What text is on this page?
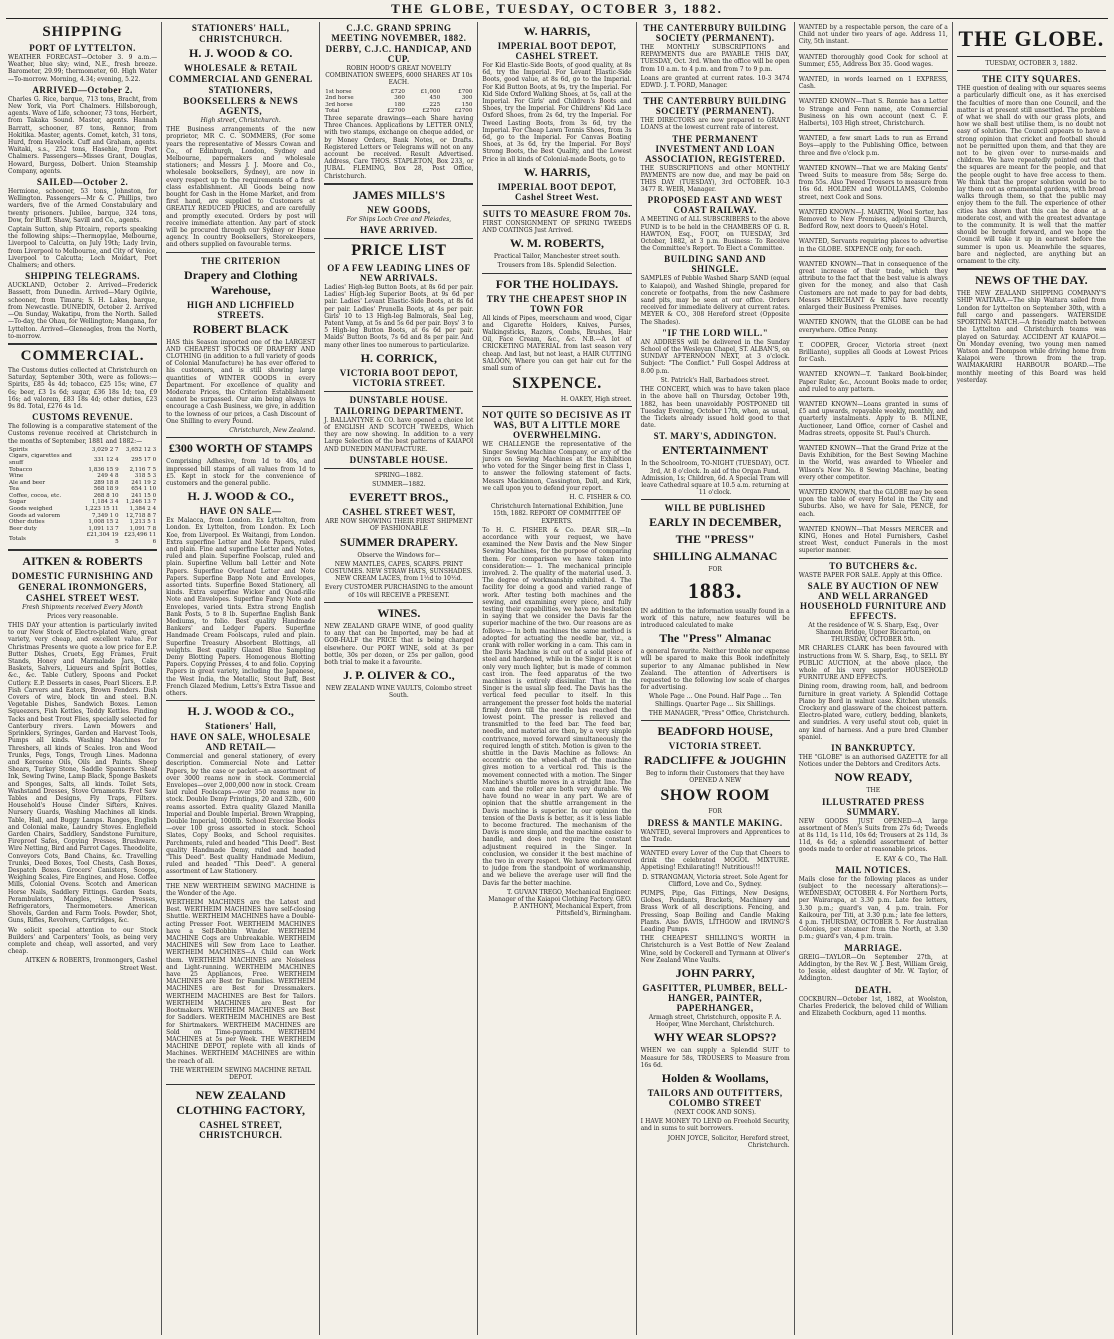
THE GLOBE, TUESDAY, OCTOBER 3, 1882.
SHIPPING
PORT OF LYTTELTON.

WEATHER FORECAST—October 3. 9 a.m.—Weather, blue sky; wind, N.E., fresh breeze. Barometer, 29.99; thermometer, 60. High Water—To-morrow. Morning, 4.34; evening, 5.22.

ARRIVED—October 2.

Charles G. Rice, barque, 713 tons, Bracht, from New York, via Port Chalmers. Hillsborough, agents. Wave of Life, schooner, 73 tons, Herbert, from Takaka Sound. Master, agents. Hannah Barratt, schooner, 87 tons, Rennor, from Hokitika. Master, agents. Comet, ketch, 31 tons, Hurd, from Havelock. Cuff and Graham, agents. Waitaki, s.s., 252 tons, Hasehie, from Port Chalmers. Passengers—Misses Grant, Douglas, Howard, Burgess, Dolbert. Union Steamship Company, agents.

SAILED—October 2.

Hermione, schooner, 53 tons, Johnston, for Wellington. Passengers—Mr & C. Phillips, two warders, five of the Armed Constabulary and twenty prisoners. Jubilee, barque, 324 tons, Dow, for Bluff. Shaw, Savill and Co., agents.

Captain Sutton, ship Pitcairn, reports speaking the following ships:—Thermopylae, Melbourne, Liverpool to Calcutta, on July 19th; Lady Irvin, from Liverpool to Melbourne, and City of Venice, Liverpool to Calcutta; Loch Moidart, Port Chalmers; and others.

SHIPPING TELEGRAMS.

AUCKLAND, October 2. Arrived—Frederick Bassett, from Dunedin. Arrived—Mary Ogilvie, schooner, from Timaru; S. H. Lakes, barque, from Newcastle. DUNEDIN, October 2. Arrived—On Sunday, Wakatipu, from the North. Sailed—To-day, the Ohau, for Wellington; Mangana, for Lyttelton. Arrived—Gleneagles, from the North, to-morrow.

COMMERCIAL.

The Customs duties collected at Christchurch on Saturday, September 30th, were as follows:—Spirits, £85 4s 4d; tobacco, £25 15s; wine, £7 6s; beer, £3 1s 6d; sugar, £36 18s 1d; tea, £9 16s; ad valorem, £83 18s 4d; other duties, £23 9s 8d. Total, £276 4s 1d.

CUSTOMS REVENUE.

The following is a comparative statement of the Customs revenue received at Christchurch in the months of September, 1881 and 1882:—

Spirits	3,029 2 7	3,652 12 3
Cigars, cigarettes and snuff	331 12 4	295 17 0
Tobacco	1,836 15 9	2,116 7 5
Wine	249 4 8	318 5 3
Ale and beer	289 18 8	241 19 2
Tea	568 18 9	654 1 10
Coffee, cocoa, etc.	268 8 10	241 15 0
Sugar	1,184 3 4	1,246 13 7
Goods weighed	1,223 15 11	1,384 2 4
Goods ad valorem	7,349 1 0	12,718 8 7
Other duties	1,008 15 2	1,213 5 1
Beer duty	1,091 13 7	1,091 7 8
Totals	£21,304 19 5	£23,496 11 6
AITKEN & ROBERTS
DOMESTIC FURNISHING AND
GENERAL IRONMONGERS,
CASHEL STREET WEST.
Fresh Shipments received Every Month
Prices very reasonable.

THIS DAY your attention is particularly invited to our New Stock of Electro-plated Ware, great variety, very cheap, and excellent value. For Christmas Presents we quote a low price for E.P. Butter Dishes, Cruets, Egg Frames, Fruit Stands, Honey and Marmalade Jars, Cake Baskets, Salvers, Liqueurs and Spirit Bottles, &c., &c. Table Cutlery, Spoons and Pocket Cutlery. E.P. Desserts in cases, Pearl Slicers. E.P. Fish Carvers and Eaters, Brown Fenders. Dish Covers of wire, block tin and steel. B.N. Vegetable Dishes, Sandwich Boxes. Lemon Squeezers, Fish Kettles, Teddy Kettles. Finding Tacks and best Trout Flies, specially selected for Canterbury rivers. Lawn Mowers and Sprinklers, Syringes, Garden and Harvest Tools, Pumps all kinds. Washing Machines for Threshers, all kinds of Scales. Iron and Wood Trunks, Pegs, Tongs, Trough Lines. Madonna and Kerosene Oils, Oils and Paints. Sheep Shears, Turkey Stone, Saddle Spanners. Sheaf Ink, Sewing Twine, Lamp Black, Sponge Baskets and Sponges, Salts, all kinds. Toilet Sets, Washstand Dresses, Stove Ornaments. Fret Saw Tables and Designs, Fly Traps, Filters. Household's House Cinder Sifters, Knives. Nursery Guards, Washing Machines all kinds. Table, Hall, and Buggy Lamps. Ranges, English and Colonial make, Laundry Stoves. Englefield Garden Chairs, Saddlery, Sandstone Furniture, Fireproof Safes, Copying Presses, Brushware. Wire Netting, Bird and Parrot Cages. Theodolite, Conveyors Cots, Band Chains, &c. Travelling Trunks, Deed Boxes, Tool Chests, Cash Boxes, Despatch Boxes. Grocers' Canisters, Scoops, Weighing Scales, Fire Engines, and Hose. Coffee Mills, Colonial Ovens. Scotch and American Horse Nails, Saddlery Fittings. Garden Seats, Perambulators, Mangles, Cheese Presses, Refrigerators, Thermometers. American Shovels, Garden and Farm Tools. Powder, Shot, Guns, Rifles, Revolvers, Cartridges, &c.

We solicit special attention to our Stock Builders' and Carpenters' Tools, as being very complete and cheap, well assorted, and very cheap.

AITKEN & ROBERTS, Ironmongers, Cashel Street West.

STATIONERS' HALL,
CHRISTCHURCH.
H. J. WOOD & CO.
WHOLESALE & RETAIL
COMMERCIAL AND GENERAL
STATIONERS,
BOOKSELLERS & NEWS AGENTS,
High street, Christchurch.

THE Business arrangements of the new proprietor, MR C. C. SOMMERS, (For some years the representative of Messrs Cowan and Co., of Edinburgh, London, Sydney and Melbourne, papermakers and wholesale stationers; and Messrs J. J. Moore and Co., wholesale booksellers, Sydney), are now in every respect up to the requirements of a first-class establishment. All Goods being now bought for Cash in the Home Market, and from first hand, are supplied to Customers at GREATLY REDUCED PRICES, and are carefully and promptly executed. Orders by post will receive immediate attention. Any part of stock will be procured through our Sydney or Home agency. In country Booksellers, Storekeepers, and others supplied on favourable terms.

THE CRITERION
Drapery and Clothing Warehouse,
HIGH AND LICHFIELD STREETS.
ROBERT BLACK

HAS this Season imported one of the LARGEST AND CHEAPEST STOCKS OF DRAPERY AND CLOTHING (in addition to a full variety of goods of Colonial Manufacture) he has ever offered to his customers, and is still showing large quantities of WINTER GOODS in every Department. For excellence of quality and Moderate Prices, the Criterion Establishment cannot be surpassed. Our aim being always to encourage a Cash Business, we give, in addition to the lowness of our prices, a Cash Discount of One Shilling to every Pound.

Christchurch, New Zealand.

£300 WORTH OF STAMPS

Comprising Adhesive, from 1d to 40s, and impressed bill stamps of all values from 1d to £5. Kept in stock for the convenience of customers and the general public.

H. J. WOOD & CO.,
HAVE ON SALE—

Ex Malacca, from London. Ex Lyttelton, from London. Ex Lyttelton, from London. Ex Loch Koe, from Liverpool. Ex Waitangi, from London. Extra superfine Letter and Note Papers, ruled and plain. Fine and superfine Letter and Notes, ruled and plain. Superfine Foolscap, ruled and plain. Superfine Vellum ball Letter and Note Papers. Superfine Overland Letter and Note Papers. Superfine Bapp Note and Envelopes, assorted tints. Superfine Boxed Stationery, all kinds. Extra superfine Wicker and Quad-rille Note and Envelopes. Superfine Fancy Note and Envelopes, varied tints. Extra strong English Bank Posts, 5 to 8 lb. Superfine English Bank Mediums, to folio. Best quality Handmade Bankers' and Ledger Papers. Superfine Handmade Cream Foolscaps, ruled and plain. Superfine Treasury Absorbent Blottings, all weights. Best quality Glazed Blue Sampling Demy Blotting Papers. Homogenous Blotting Papers. Copying Presses, 4 to and folio. Copying Papers in great variety, including the Japanese, the West India, the Metallic, Stout Buff, Best French Glazed Medium, Letts's Extra Tissue and others.

H. J. WOOD & CO.,
Stationers' Hall,
HAVE ON SALE, WHOLESALE AND RETAIL—

Commercial and general stationery, of every description. Commercial Note and Letter Papers, by the case or packet—an assortment of over 3000 reams now in stock. Commercial Envelopes—over 2,000,000 now in stock. Cream laid ruled Foolscaps—over 350 reams now in stock. Double Demy Printings, 20 and 32lb., 600 reams assorted. Extra quality Glazed Manilla Imperial and Double Imperial. Brown Wrapping, Double Imperial, 1000lb. School Exercise Books—over 100 gross assorted in stock. School Slates, Copy Books, and School requisites. Parchments, ruled and headed "This Deed". Best quality Handmade Demy, ruled and headed "This Deed". Best quality Handmade Medium, ruled and headed "This Deed". A general assortment of Law Stationery.

THE NEW WERTHEIM SEWING MACHINE is the Wonder of the Age.

WERTHEIM MACHINES are the Latest and Best. WERTHEIM MACHINES have self-closing Shuttle. WERTHEIM MACHINES have a Double-acting Presser Foot. WERTHEIM MACHINES have a Self-Bobbin Winder. WERTHEIM MACHINE Cogs are Unbreakable. WERTHEIM MACHINES will Sew from Lace to Leather. WERTHEIM MACHINES—A Child can Work them. WERTHEIM MACHINES are Noiseless and Light-running. WERTHEIM MACHINES have 25 Appliances, Free. WERTHEIM MACHINES are Best for Families. WERTHEIM MACHINES are Best for Dressmakers. WERTHEIM MACHINES are Best for Tailors. WERTHEIM MACHINES are Best for Bootmakers. WERTHEIM MACHINES are Best for Saddlers. WERTHEIM MACHINES are Best for Shirtmakers. WERTHEIM MACHINES are Sold on Time-payments. WERTHEIM MACHINES at 5s per Week. THE WERTHEIM MACHINE DEPOT, replete with all kinds of Machines. WERTHEIM MACHINES are within the reach of all.

THE WERTHEIM SEWING MACHINE RETAIL DEPOT.

NEW ZEALAND CLOTHING FACTORY,
CASHEL STREET, CHRISTCHURCH.
C.J.C. GRAND SPRING MEETING NOVEMBER, 1882.
DERBY, C.J.C. HANDICAP, AND CUP.

ROBIN HOOD'S GREAT NOVELTY COMBINATION SWEEPS, 6000 SHARES AT 10s EACH.

1st horse	£720	£1,000	£700
2nd horse	360	450	300
3rd horse	180	225	150
Total	£2700	£2700	£2700

Three separate drawings—each Share having Three Chances. Applications by LETTER ONLY, with two stamps, exchange on cheque added, or by Money Orders, Bank Notes, or Drafts. Registered Letters or Telegrams will not on any account be received. Result Advertised. Address, Care THOS. STAPLETON, Box 233, or JUBAL FLEMING, Box 28, Post Office, Christchurch.

JAMES MILLS'S
NEW GOODS,
For Ships Loch Cree and Pleiades,
HAVE ARRIVED.
PRICE LIST
OF A FEW LEADING LINES OF NEW ARRIVALS.

Ladies' High-leg Button Boots, at 8s 6d per pair. Ladies' High-leg Superior Boots, at 9s 6d per pair. Ladies' Levant Elastic-Side Boots, at 8s 6d per pair. Ladies' Prunella Boots, at 4s per pair. Girls' 10 to 13 High-leg Balmorals, Seal Leg, Patent Vamp, at 5s and 5s 6d per pair. Boys' 3 to 5 High-leg Button Boots, at 6s 6d per pair. Maids' Button Boots, 7s 6d and 8s per pair. And many other lines too numerous to particularize.

H. CORRICK,
VICTORIA BOOT DEPOT, VICTORIA STREET.
DUNSTABLE HOUSE.
TAILORING DEPARTMENT.

J. BALLANTYNE & CO. have opened a choice lot of ENGLISH AND SCOTCH TWEEDS, Which they are now showing. In addition to a very Large Selection of the best patterns of KAIAPOI AND DUNEDIN MANUFACTURE.

DUNSTABLE HOUSE.
SPRING—1882.
SUMMER—1882.
EVERETT BROS.,
CASHEL STREET WEST,

ARE NOW SHOWING THEIR FIRST SHIPMENT OF FASHIONABLE

SUMMER DRAPERY.

Observe the Windows for—

NEW MANTLES, CAPES, SCARFS. PRINT COSTUMES. NEW STRAW HATS, SUNSHADES. NEW CREAM LACES, from 1½d to 10½d.

Every CUSTOMER PURCHASING to the amount of 10s will RECEIVE a PRESENT.

WINES.

NEW ZEALAND GRAPE WINE, of good quality to any that can be Imported, may be had at GOB-HALF the PRICE that is being charged elsewhere. Our PORT WINE, sold at 3s per bottle, 30s per dozen, or 25s per gallon, good both trial to make it a favourite.

J. P. OLIVER & CO.,
NEW ZEALAND WINE VAULTS, Colombo street South.
W. HARRIS,
IMPERIAL BOOT DEPOT, CASHEL STREET.

For Kid Elastic-Side Boots, of good quality, at 8s 6d, try the Imperial. For Levant Elastic-Side Boots, good value, at 8s 6d, go to the Imperial. For Kid Button Boots, at 9s, try the Imperial. For Kid Side Oxford Walking Shoes, at 5s, call at the Imperial. For Girls' and Children's Boots and Shoes, try the Imperial. For Childrens' Kid Lace Oxford Shoes, from 2s 6d, try the Imperial. For Tweed Lasting Boots, from 3s 6d, try the Imperial. For Cheap Lawn Tennis Shoes, from 3s 6d, go to the Imperial. For Canvas Boating Shoes, at 3s 6d, try the Imperial. For Boys' Strong Boots, the Best Quality, and the Lowest Price in all kinds of Colonial-made Boots, go to

W. HARRIS,
IMPERIAL BOOT DEPOT, Cashel Street West.
SUITS TO MEASURE FROM 70s.

FIRST CONSIGNMENT OF SPRING TWEEDS AND COATINGS Just Arrived.

W. M. ROBERTS,
Practical Tailor, Manchester street south.
Trousers from 18s. Splendid Selection.
FOR THE HOLIDAYS.
TRY THE CHEAPEST SHOP IN TOWN FOR

All kinds of Pipes, meerschaum and wood, Cigar and Cigarette Holders, Knives, Purses, Walkingsticks, Razors, Combs, Brushes, Hair Oil, Face Cream, &c., &c. N.B.—A lot of CRICKETING MATERIAL from last season very cheap. And last, but not least, a HAIR CUTTING SALOON, Where you can get hair cut for the small sum of

SIXPENCE.
H. OAKEY, High street.
NOT QUITE SO DECISIVE AS IT WAS, BUT A LITTLE MORE OVERWHELMING.

WE CHALLENGE the representative of the Singer Sewing Machine Company, or any of the jurors on Sewing Machines at the Exhibition who voted for the Singer being first in Class 1, to answer the following statement of facts. Messrs Mackinnon, Cassington, Dall, and Kirk, we call upon you to defend your report.

H. C. FISHER & CO.

Christchurch International Exhibition, June 15th, 1882. REPORT OF COMMITTEE OF EXPERTS.

To H. C. FISHER & Co. DEAR SIR,—In accordance with your request, we have examined the New Davis and the New Singer Sewing Machines, for the purpose of comparing them. For comparison we have taken into consideration:— 1. The mechanical principle involved. 2. The quality of the material used. 3. The degree of workmanship exhibited. 4. The facility for doing a good and varied range of work. After testing both machines and the sewing, and examining every piece, and fully testing their capabilities, we have no hesitation in saying that we consider the Davis far the superior machine of the two. Our reasons are as follows:— In both machines the same method is adopted for actuating the needle bar, viz., a crank with roller working in a cam. This cam in the Davis Machine is cut out of a solid piece of steel and hardened, while in the Singer it is not only very much lighter, but is made of common cast iron. The feed apparatus of the two machines is entirely dissimilar. That in the Singer is the usual slip feed. The Davis has the vertical feed peculiar to itself. In this arrangement the presser foot holds the material firmly down till the needle has reached the lowest point. The presser is relieved and transmitted to the feed bar. The feed bar, needle, and material are then, by a very simple contrivance, moved forward simultaneously the required length of stitch. Motion is given to the shuttle in the Davis Machine as follows: An eccentric on the wheel-shaft of the machine gives motion to a vertical rod. This is the movement connected with a motion. The Singer Machine's shuttle moves in a straight line. The cam and the roller are both very durable. We have found no wear in any part. We are of opinion that the shuttle arrangement in the Davis machine is superior. In our opinion the tension of the Davis is better, as it is less liable to become fractured. The mechanism of the Davis is more simple, and the machine easier to handle, and does not require the constant adjustment required in the Singer. In conclusion, we consider it the best machine of the two in every respect. We have endeavoured to judge from the standpoint of workmanship, and we believe the average user will find the Davis far the better machine.

T. GUVAN TREGO, Mechanical Engineer. Manager of the Kaiapoi Clothing Factory. GEO. P. ANTHONY, Mechanical Expert, from Pittsfield's, Birmingham.

THE CANTERBURY BUILDING SOCIETY (PERMANENT).

THE MONTHLY SUBSCRIPTIONS and REPAYMENTS due are PAYABLE THIS DAY, TUESDAY, Oct. 3rd. When the office will be open from 10 a.m. to 4 p.m. and from 7 to 9 p.m.

Loans are granted at current rates. 10-3 3474 EDWD. J. T. FORD, Manager.

THE CANTERBURY BUILDING SOCIETY (PERMANENT).

THE DIRECTORS are now prepared to GRANT LOANS at the lowest current rate of interest.

THE PERMANENT INVESTMENT AND LOAN ASSOCIATION, REGISTERED.

THE SUBSCRIPTIONS and other MONTHLY PAYMENTS are now due, and may be paid on THIS DAY (TUESDAY), 3rd OCTOBER. 10-3 3477 R. WEIR, Manager.

PROPOSED EAST AND WEST COAST RAILWAY.

A MEETING of ALL SUBSCRIBERS to the above FUND is to be held in the CHAMBERS OF G. R. HAWTON, Esq., FOOT, on TUESDAY, 3rd October, 1882, at 3 p.m. Business: To Receive the Committee's Report. To Elect a Committee.

BUILDING SAND AND SHINGLE.

SAMPLES of Pebble Washed Sharp SAND (equal to Kaiapoi), and Washed Shingle, prepared for concrete or footpaths, from the new Cashmere sand pits, may be seen at our office. Orders received for immediate delivery at current rates. MEYER & CO., 308 Hereford street (Opposite The Shades).

"IF THE LORD WILL."

AN ADDRESS will be delivered in the Sunday School of the Wesleyan Chapel, ST. ALBAN'S, on SUNDAY AFTERNOON NEXT, at 3 o'clock. Subject: "The Conflict." Full Gospel Address at 8.00 p.m.

St. Patrick's Hall, Barbadoes street.

THE CONCERT, which was to have taken place in the above hall on Thursday, October 19th, 1882, has been unavoidably POSTPONED till Tuesday Evening, October 17th, when, as usual, the Tickets already issued hold good to that date.

ST. MARY'S, ADDINGTON.
ENTERTAINMENT

In the Schoolroom, TO-NIGHT (TUESDAY), OCT. 3rd, At 8 o'clock. In aid of the Organ Fund. Admission, 1s; Children, 6d. A Special Tram will leave Cathedral square at 10.5 a.m. returning at 11 o'clock.

WILL BE PUBLISHED
EARLY IN DECEMBER,
THE "PRESS"
SHILLING ALMANAC
FOR
1883.

IN addition to the information usually found in a work of this nature, new features will be introduced calculated to make

The "Press" Almanac

a general favourite. Neither trouble nor expense will be spared to make this Book indefinitely superior to any Almanac published in New Zealand. The attention of Advertisers is requested to the following low scale of charges for advertising.

Whole Page ... One Pound. Half Page ... Ten Shillings. Quarter Page ... Six Shillings.

THE MANAGER, "Press" Office, Christchurch.

BEADFORD HOUSE,
VICTORIA STREET.
RADCLIFFE & JOUGHIN

Beg to inform their Customers that they have OPENED A NEW

SHOW ROOM
FOR
DRESS & MANTLE MAKING.

WANTED, several Improvers and Apprentices to the Trade.

WANTED every Lover of the Cup that Cheers to drink the celebrated MOGOL MIXTURE. Appetising! Exhilarating!! Nutritious!!!

D. STRANGMAN, Victoria street. Sole Agent for Clifford, Love and Co., Sydney.

PUMPS, Pipe, Gas Fittings, New Designs, Globes, Pendants, Brackets, Machinery and Brass Work of all descriptions. Fencing, and Pressing, Soap Boiling and Candle Making Plants. Also DAVIS, LITHGOW and IRVING'S Leading Pumps.

THE CHEAPEST SHILLING'S WORTH in Christchurch is a Vest Bottle of New Zealand Wine, sold by Cockerell and Tyrmann at Oliver's New Zealand Wine Vaults.

JOHN PARRY,
GASFITTER, PLUMBER, BELL-HANGER, PAINTER, PAPERHANGER,

Armagh street, Christchurch, opposite F. A. Hooper, Wine Merchant, Christchurch.

WHY WEAR SLOPS??

WHEN we can supply a Splendid SUIT to Measure for 58s, TROUSERS to Measure from 16s 6d.

Holden & Woollams,
TAILORS AND OUTFITTERS, COLOMBO STREET
(NEXT COOK AND SONS).

I HAVE MONEY TO LEND on Freehold Security, and in sums to suit borrowers.

JOHN JOYCE, Solicitor, Hereford street, Christchurch.

WANTED by a respectable person, the care of a Child not under two years of age. Address 11, City, 5th instant.

WANTED thoroughly good Cook for school at Summer, £55, Address Box 35. Good wages.

WANTED, in words learned on 1 EXPRESS, Cash.

WANTED KNOWN—That S. Rennie has a Letter to Strange and Fenn name, ate Commercial Business on his own account (next C. F. Halberts), 103 High street, Christchurch.

WANTED, a few smart Lads to run as Errand Boys—apply to the Publishing Office, between three and five o'clock p.m.

WANTED KNOWN—That we are Making Gents' Tweed Suits to measure from 58s; Serge do. from 55s. Also Tweed Trousers to measure from 16s 6d. HOLDEN and WOOLLAMS, Colombo street, next Cook and Sons.

WANTED KNOWN—J. MARTIN, Wool Sorter, has Removed to New Premises, adjoining Church, Bedford Row, next doors to Queen's Hotel.

WANTED, Servants requiring places to advertise in the GLOBE. SIXPENCE only, for each.

WANTED KNOWN—That in consequence of the great increase of their trade, which they attribute to the fact that the best value is always given for the money, and also that Cash Customers are not made to pay for bad debts, Messrs MERCHANT & KING have recently enlarged their Business Premises.

WANTED KNOWN, that the GLOBE can be had everywhere. Office Penny.

T. COOPER, Grocer, Victoria street (next Brilliante), supplies all Goods at Lowest Prices for Cash.

WANTED KNOWN—T. Tankard Book-binder, Paper Ruler, &c., Account Books made to order, and ruled to any pattern.

WANTED KNOWN—Loans granted in sums of £5 and upwards, repayable weekly, monthly, and quarterly instalments. Apply to B. MILNE, Auctioneer, Land Office, corner of Cashel and Madras streets, opposite St. Paul's Church.

WANTED KNOWN—That the Grand Prize at the Davis Exhibition, for the Best Sewing Machine in the World, was awarded to Wheeler and Wilson's New No. 8 Sewing Machine, beating every other competitor.

WANTED KNOWN, that the GLOBE may be seen upon the table of every Hotel in the City and Suburbs. Also, we have for Sale, PENCE, for each.

WANTED KNOWN—That Messrs MERCER and KING, Hones and Hotel Furnishers, Cashel street West, conduct Funerals in the most superior manner.

TO BUTCHERS &c.

WASTE PAPER FOR SALE. Apply at this Office.

SALE BY AUCTION OF NEW AND WELL ARRANGED HOUSEHOLD FURNITURE AND EFFECTS.

At the residence of W. S. Sharp, Esq., Over Shannon Bridge, Upper Riccarton, on THURSDAY, OCTOBER 5th.

MR CHARLES CLARK has been favoured with instructions from W. S. Sharp, Esq., to SELL BY PUBLIC AUCTION, at the above place, the whole of his very superior HOUSEHOLD FURNITURE AND EFFECTS.

Dining room, drawing room, hall, and bedroom furniture in great variety. A Splendid Cottage Piano by Bord in walnut case. Kitchen utensils. Crockery and glassware of the choicest pattern. Electro-plated ware, cutlery, bedding, blankets, and sundries. A very useful stout cob, quiet in any kind of harness. And a pure bred Clumber spaniel.

IN BANKRUPTCY.

THE "GLOBE" is an authorised GAZETTE for all Notices under the Debtors and Creditors Acts.

NOW READY,
THE
ILLUSTRATED PRESS SUMMARY.

NEW GOODS JUST OPENED—A large assortment of Men's Suits from 27s 6d; Tweeds at 8s 11d, 1s 11d, 10s 6d; Trousers at 2s 11d, 3s 11d, 4s 6d; a splendid assortment of better goods made to order at reasonable prices.

E. KAY & CO., The Hall.

MAIL NOTICES.

Mails close for the following places as under (subject to the necessary alterations):— WEDNESDAY, OCTOBER 4. For Northern Ports, per Wairarapa, at 3.30 p.m. Late fee letters, 3.30 p.m.; guard's van, 4 p.m. train. For Kaikoura, per Titi, at 3.30 p.m.; late fee letters, 4 p.m. THURSDAY, OCTOBER 5. For Australian Colonies, per steamer from the North, at 3.30 p.m.; guard's van, 4 p.m. train.

MARRIAGE.

GREIG—TAYLOR—On September 27th, at Addington, by the Rev. W. J. Best, William Greig, to Jessie, eldest daughter of Mr. W. Taylor, of Addington.

DEATH.

COCKBURN—October 1st, 1882, at Woolston, Charles Frederick, the beloved child of William and Elizabeth Cockburn, aged 11 months.

THE GLOBE.
TUESDAY, OCTOBER 3, 1882.
THE CITY SQUARES.

THE question of dealing with our squares seems a particularly difficult one, as it has exercised the faculties of more than one Council, and the matter is at present still unsettled. The problem of what we shall do with our grass plots, and how we shall best utilise them, is no doubt not easy of solution. The Council appears to have a strong opinion that cricket and football should not be permitted upon them, and that they are not to be given over to nurse-maids and children. We have repeatedly pointed out that the squares are meant for the people, and that the people ought to have free access to them. We think that the proper solution would be to lay them out as ornamental gardens, with broad walks through them, so that the public may enjoy them to the full. The experience of other cities has shown that this can be done at a moderate cost, and with the greatest advantage to the community. It is well that the matter should be brought forward, and we hope the Council will take it up in earnest before the summer is upon us. Meanwhile the squares, bare and neglected, are anything but an ornament to the city.

NEWS OF THE DAY.

THE NEW ZEALAND SHIPPING COMPANY'S SHIP WAITARA.—The ship Waitara sailed from London for Lyttelton on September 30th, with a full cargo and passengers. WATERSIDE SPORTING MATCH.—A friendly match between the Lyttelton and Christchurch teams was played on Saturday. ACCIDENT AT KAIAPOI.—On Monday evening, two young men named Watson and Thompson while driving home from Kaiapoi were thrown from the trap. WAIMAKARIRI HARBOUR BOARD.—The monthly meeting of this Board was held yesterday.
